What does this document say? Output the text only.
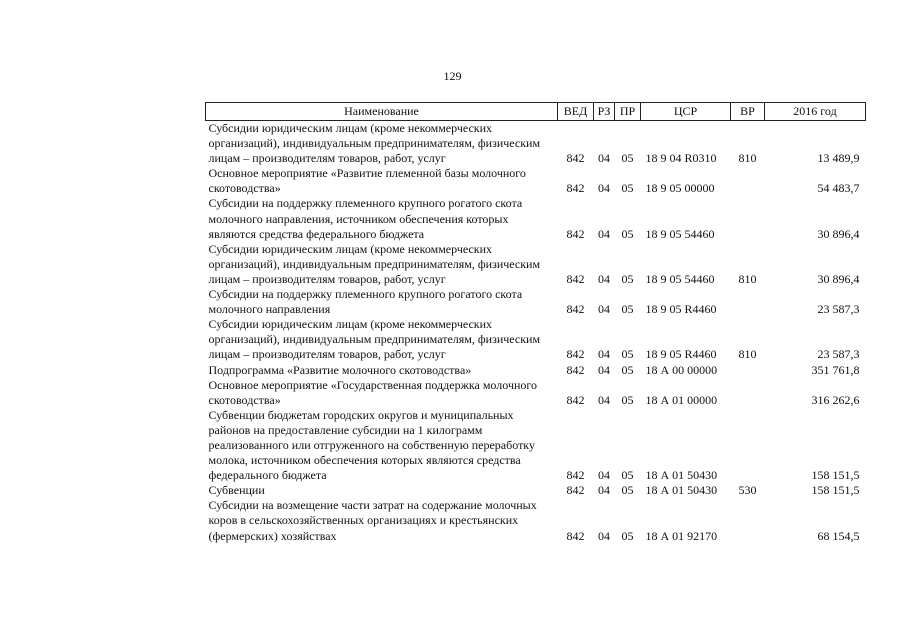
129
Наименование	ВЕД	РЗ	ПР	ЦСР	ВР	2016 год
Субсидии юридическим лицам (кроме некоммерческих организаций), индивидуальным предпринимателям, физическим лицам – производителям товаров, работ, услуг	842	04	05	18 9 04 R0310	810	13 489,9
Основное мероприятие «Развитие племенной базы молочного скотоводства»	842	04	05	18 9 05 00000		54 483,7
Субсидии на поддержку племенного крупного рогатого скота молочного направления, источником обеспечения которых являются средства федерального бюджета	842	04	05	18 9 05 54460		30 896,4
Субсидии юридическим лицам (кроме некоммерческих организаций), индивидуальным предпринимателям, физическим лицам – производителям товаров, работ, услуг	842	04	05	18 9 05 54460	810	30 896,4
Субсидии на поддержку племенного крупного рогатого скота молочного направления	842	04	05	18 9 05 R4460		23 587,3
Субсидии юридическим лицам (кроме некоммерческих организаций), индивидуальным предпринимателям, физическим лицам – производителям товаров, работ, услуг	842	04	05	18 9 05 R4460	810	23 587,3
Подпрограмма «Развитие молочного скотоводства»	842	04	05	18 А 00 00000		351 761,8
Основное мероприятие «Государственная поддержка молочного скотоводства»	842	04	05	18 А 01 00000		316 262,6
Субвенции бюджетам городских округов и муниципальных районов на предоставление субсидии на 1 килограмм реализованного или отгруженного на собственную переработку молока, источником обеспечения которых являются средства федерального бюджета	842	04	05	18 А 01 50430		158 151,5
Субвенции	842	04	05	18 А 01 50430	530	158 151,5
Субсидии на возмещение части затрат на содержание молочных коров в сельскохозяйственных организациях и крестьянских (фермерских) хозяйствах	842	04	05	18 А 01 92170		68 154,5
